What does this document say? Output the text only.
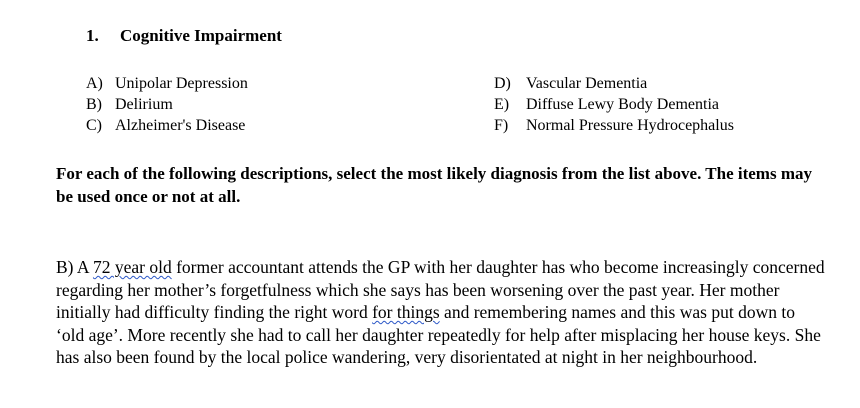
1. Cognitive Impairment
A) Unipolar Depression
B) Delirium
C) Alzheimer's Disease
D) Vascular Dementia
E) Diffuse Lewy Body Dementia
F) Normal Pressure Hydrocephalus
For each of the following descriptions, select the most likely diagnosis from the list above. The items may be used once or not at all.
B) A 72 year old former accountant attends the GP with her daughter has who become increasingly concerned regarding her mother’s forgetfulness which she says has been worsening over the past year. Her mother initially had difficulty finding the right word for things and remembering names and this was put down to ‘old age’. More recently she had to call her daughter repeatedly for help after misplacing her house keys. She has also been found by the local police wandering, very disorientated at night in her neighbourhood.
